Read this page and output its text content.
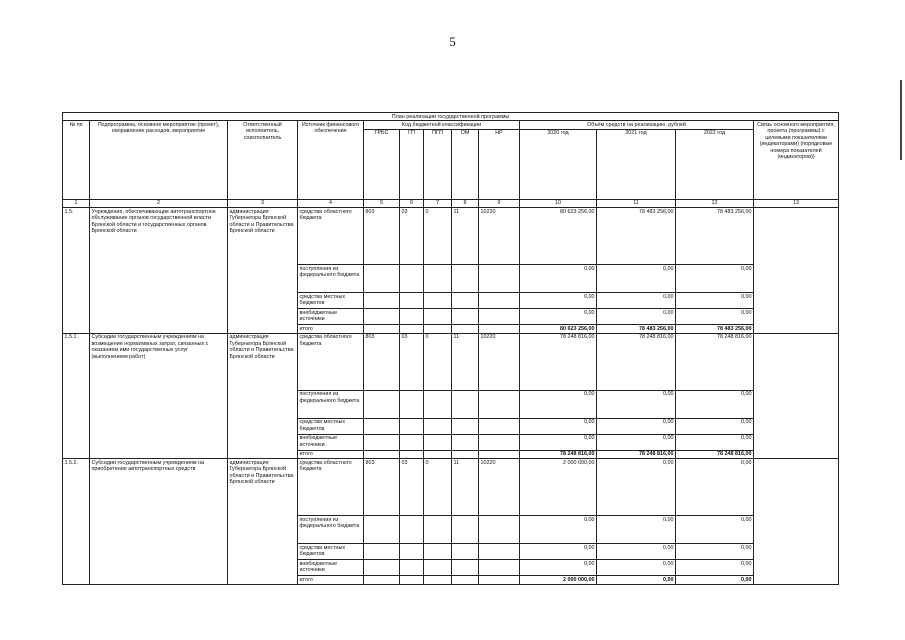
5
План реализации государственной программы												
№ пп	Подпрограмма, основное мероприятие (проект), направление расходов, мероприятие	Ответственный исполнитель, соисполнитель	Источник финансового обеспечения	Код бюджетной классификации					Объём средств на реализацию, рублей			Связь основного мероприятия, проекта (программы) с целевыми показателями (индикаторами) (порядковые номера показателей (индикаторов))
				ГРБС	ГП	ПГП	ОМ	НР	2020 год	2021 год	2022 год	
1	2	3	4	5	6	7	8	9	10	11	12	13
1.5.	Учреждения, обеспечивающие автотранспортное обслуживание органов государственной власти Брянской области и государственных органов Брянской области	администрация Губернатора Брянской области и Правительства Брянской области	средства областного бюджета	803	03	0	11	10220	80 623 256,00	78 483 256,00	78 483 256,00	
			поступления из федерального бюджета						0,00	0,00	0,00	
			средства местных бюджетов						0,00	0,00	0,00	
			внебюджетные источники						0,00	0,00	0,00	
			итого						80 623 256,00	78 483 256,00	78 483 256,00	
1.5.1.	Субсидии государственным учреждениям на возмещение нормативных затрат, связанных с оказанием ими государственных услуг (выполнением работ)	администрация Губернатора Брянской области и Правительства Брянской области	средства областного бюджета	803	03	0	11	10220	78 248 816,00	78 248 816,00	78 248 816,00	
			поступления из федерального бюджета						0,00	0,00	0,00	
			средства местных бюджетов						0,00	0,00	0,00	
			внебюджетные источники						0,00	0,00	0,00	
			итого						78 248 816,00	78 248 816,00	78 248 816,00	
1.5.2.	Субсидии государственным учреждениям на приобретение автотранспортных средств	администрация Губернатора Брянской области и Правительства Брянской области	средства областного бюджета	803	03	0	11	10220	2 000 000,00	0,00	0,00	
			поступления из федерального бюджета						0,00	0,00	0,00	
			средства местных бюджетов						0,00	0,00	0,00	
			внебюджетные источники						0,00	0,00	0,00	
			итого						2 000 000,00	0,00	0,00	
